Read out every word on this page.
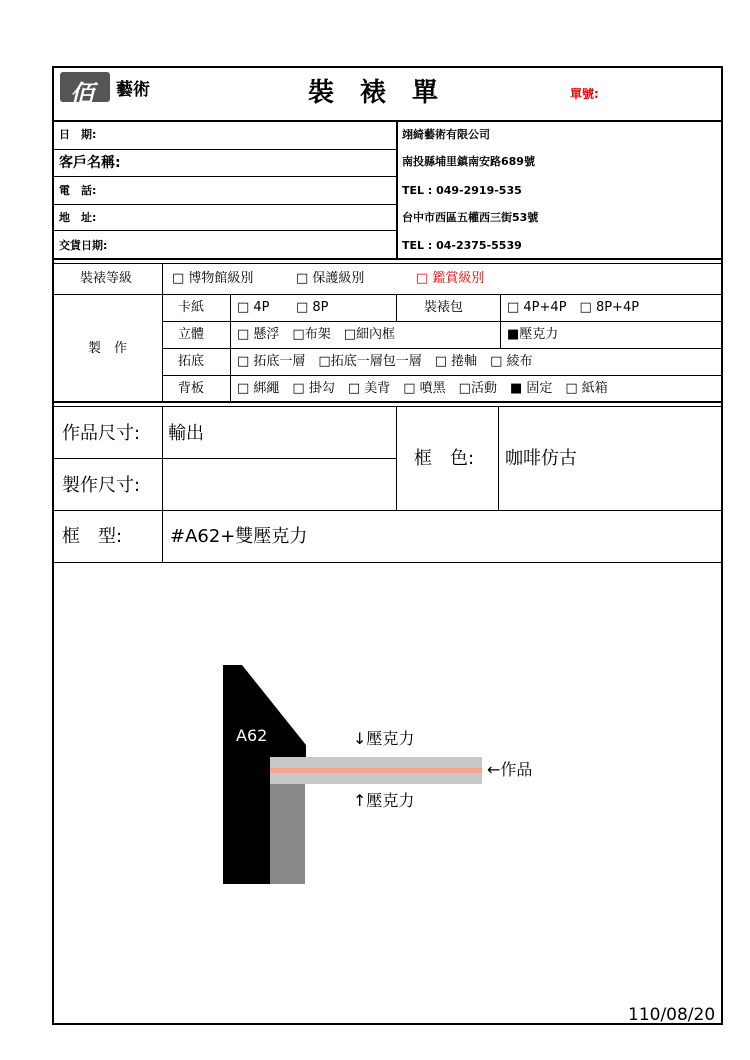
佰 藝術	裝　裱　單	單號:
日　期:
客戶名稱:
電　話:
地　址:
交貨日期:
翊綺藝術有限公司
南投縣埔里鎮南安路689號
TEL : 049-2919-535
台中市西區五權西三街53號
TEL : 04-2375-5539
裝裱等級	□ 博物館級別	□ 保護級別	□ 鑑賞級別
製　作
卡紙	□ 4P □ 8P	裝裱包	□ 4P+4P　□ 8P+4P
立體	□ 懸浮　□布架　□細內框	■壓克力
拓底	□ 拓底一層　□拓底一層包一層　□ 捲軸　□ 綾布
背板	□ 綁繩　□ 掛勾　□ 美背　□ 噴黑　□活動　■ 固定　□ 紙箱
作品尺寸: 輸出
製作尺寸:
框　色: 咖啡仿古
框　型:	#A62+雙壓克力
A62	↓壓克力
←作品
↑壓克力
110/08/20
